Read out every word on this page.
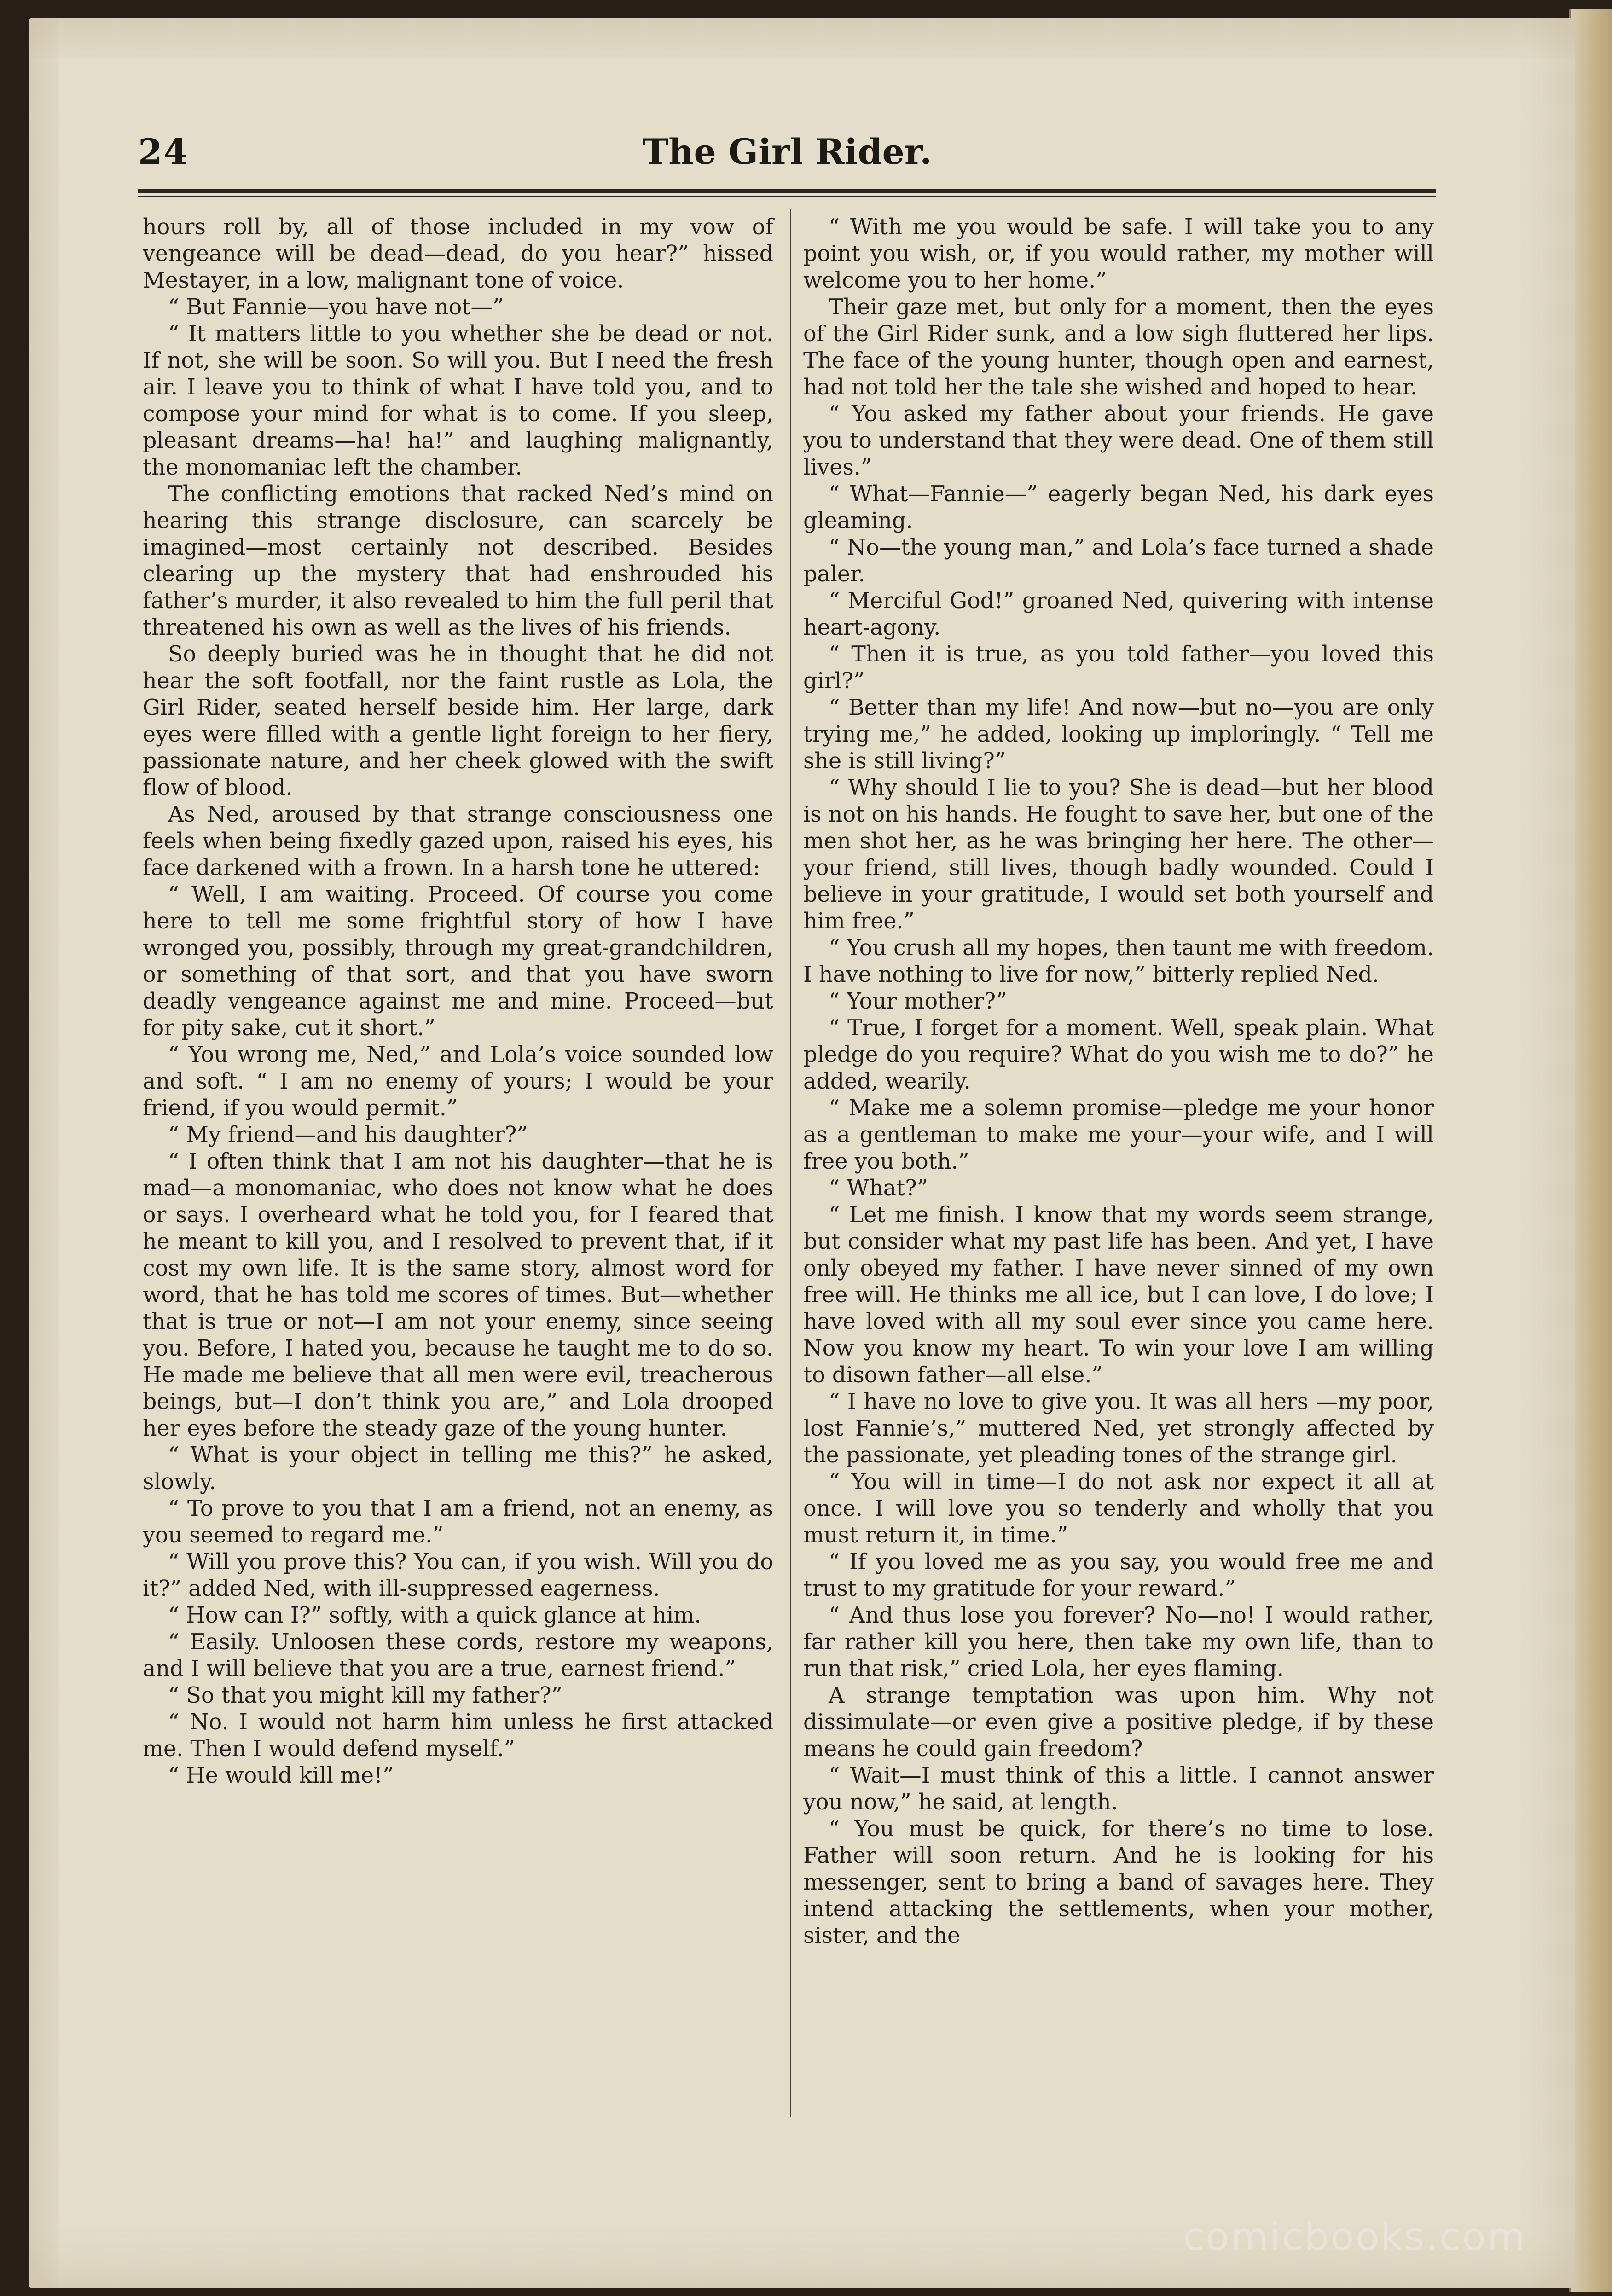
24	The Girl Rider.

hours roll by, all of those included in my vow of vengeance will be dead—dead, do you hear?” hissed Mestayer, in a low, malignant tone of voice.

“ But Fannie—you have not—”

“ It matters little to you whether she be dead or not. If not, she will be soon. So will you. But I need the fresh air. I leave you to think of what I have told you, and to compose your mind for what is to come. If you sleep, pleasant dreams—ha! ha!” and laughing malignantly, the monomaniac left the chamber.

The conflicting emotions that racked Ned’s mind on hearing this strange disclosure, can scarcely be imagined—most certainly not described. Besides clearing up the mystery that had enshrouded his father’s murder, it also revealed to him the full peril that threatened his own as well as the lives of his friends.

So deeply buried was he in thought that he did not hear the soft footfall, nor the faint rustle as Lola, the Girl Rider, seated herself beside him. Her large, dark eyes were filled with a gentle light foreign to her fiery, passionate nature, and her cheek glowed with the swift flow of blood.

As Ned, aroused by that strange consciousness one feels when being fixedly gazed upon, raised his eyes, his face darkened with a frown. In a harsh tone he uttered:

“ Well, I am waiting. Proceed. Of course you come here to tell me some frightful story of how I have wronged you, possibly, through my great-grandchildren, or something of that sort, and that you have sworn deadly vengeance against me and mine. Proceed—but for pity sake, cut it short.”

“ You wrong me, Ned,” and Lola’s voice sounded low and soft. “ I am no enemy of yours; I would be your friend, if you would permit.”

“ My friend—and his daughter?”

“ I often think that I am not his daughter—that he is mad—a monomaniac, who does not know what he does or says. I overheard what he told you, for I feared that he meant to kill you, and I resolved to prevent that, if it cost my own life. It is the same story, almost word for word, that he has told me scores of times. But—whether that is true or not—I am not your enemy, since seeing you. Before, I hated you, because he taught me to do so. He made me believe that all men were evil, treacherous beings, but—I don’t think you are,” and Lola drooped her eyes before the steady gaze of the young hunter.

“ What is your object in telling me this?” he asked, slowly.

“ To prove to you that I am a friend, not an enemy, as you seemed to regard me.”

“ Will you prove this? You can, if you wish. Will you do it?” added Ned, with ill-suppressed eagerness.

“ How can I?” softly, with a quick glance at him.

“ Easily. Unloosen these cords, restore my weapons, and I will believe that you are a true, earnest friend.”

“ So that you might kill my father?”

“ No. I would not harm him unless he first attacked me. Then I would defend myself.”

“ He would kill me!”

“ With me you would be safe. I will take you to any point you wish, or, if you would rather, my mother will welcome you to her home.”

Their gaze met, but only for a moment, then the eyes of the Girl Rider sunk, and a low sigh fluttered her lips. The face of the young hunter, though open and earnest, had not told her the tale she wished and hoped to hear.

“ You asked my father about your friends. He gave you to understand that they were dead. One of them still lives.”

“ What—Fannie—” eagerly began Ned, his dark eyes gleaming.

“ No—the young man,” and Lola’s face turned a shade paler.

“ Merciful God!” groaned Ned, quivering with intense heart-agony.

“ Then it is true, as you told father—you loved this girl?”

“ Better than my life! And now—but no—you are only trying me,” he added, looking up imploringly. “ Tell me she is still living?”

“ Why should I lie to you? She is dead—but her blood is not on his hands. He fought to save her, but one of the men shot her, as he was bringing her here. The other—your friend, still lives, though badly wounded. Could I believe in your gratitude, I would set both yourself and him free.”

“ You crush all my hopes, then taunt me with freedom. I have nothing to live for now,” bitterly replied Ned.

“ Your mother?”

“ True, I forget for a moment. Well, speak plain. What pledge do you require? What do you wish me to do?” he added, wearily.

“ Make me a solemn promise—pledge me your honor as a gentleman to make me your—your wife, and I will free you both.”

“ What?”

“ Let me finish. I know that my words seem strange, but consider what my past life has been. And yet, I have only obeyed my father. I have never sinned of my own free will. He thinks me all ice, but I can love, I do love; I have loved with all my soul ever since you came here. Now you know my heart. To win your love I am willing to disown father—all else.”

“ I have no love to give you. It was all hers —my poor, lost Fannie’s,” muttered Ned, yet strongly affected by the passionate, yet pleading tones of the strange girl.

“ You will in time—I do not ask nor expect it all at once. I will love you so tenderly and wholly that you must return it, in time.”

“ If you loved me as you say, you would free me and trust to my gratitude for your reward.”

“ And thus lose you forever? No—no! I would rather, far rather kill you here, then take my own life, than to run that risk,” cried Lola, her eyes flaming.

A strange temptation was upon him. Why not dissimulate—or even give a positive pledge, if by these means he could gain freedom?

“ Wait—I must think of this a little. I cannot answer you now,” he said, at length.

“ You must be quick, for there’s no time to lose. Father will soon return. And he is looking for his messenger, sent to bring a band of savages here. They intend attacking the settlements, when your mother, sister, and the

comicbooks.com
